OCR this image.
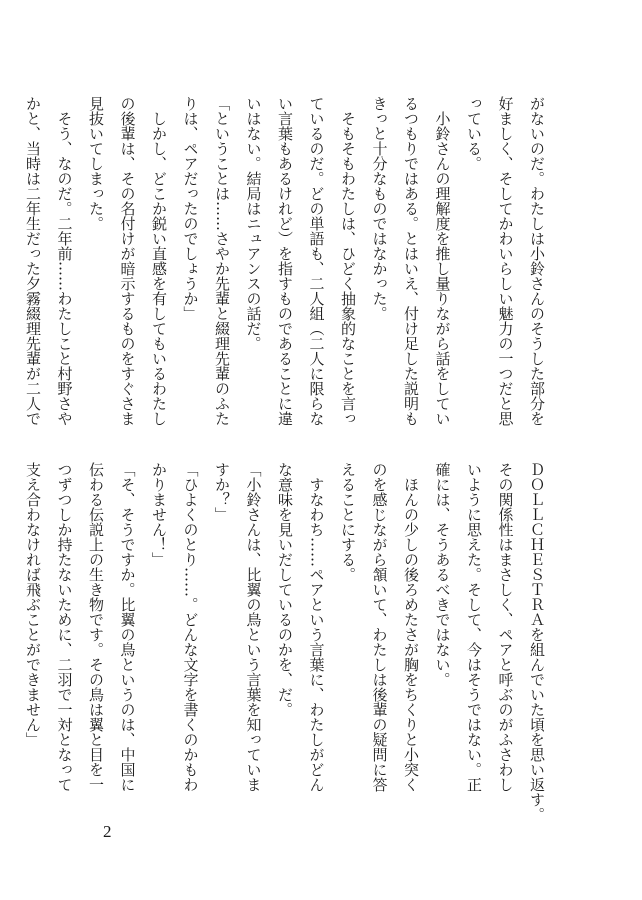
がないのだ。わたしは小鈴さんのそうした部分を
好ましく、そしてかわいらしい魅力の一つだと思
っている。
　小鈴さんの理解度を推し量りながら話をしてい
るつもりではある。とはいえ、付け足した説明も
きっと十分なものではなかった。
　そもそもわたしは、ひどく抽象的なことを言っ
ているのだ。どの単語も、二人組（二人に限らな
い言葉もあるけれど）を指すものであることに違
いはない。結局はニュアンスの話だ。
「ということは……さやか先輩と綴理先輩のふた
りは、ペアだったのでしょうか」
　しかし、どこか鋭い直感を有してもいるわたし
の後輩は、その名付けが暗示するものをすぐさま
見抜いてしまった。
　そう、なのだ。二年前……わたしこと村野さや
かと、当時は二年生だった夕霧綴理先輩が二人で
ＤＯＬＬＣＨＥＳＴＲＡを組んでいた頃を思い返す。
その関係性はまさしく、ペアと呼ぶのがふさわし
いように思えた。そして、今はそうではない。正
確には、そうあるべきではない。
　ほんの少しの後ろめたさが胸をちくりと小突く
のを感じながら頷いて、わたしは後輩の疑問に答
えることにする。
　すなわち……ペアという言葉に、わたしがどん
な意味を見いだしているのかを、だ。
「小鈴さんは、比翼の鳥という言葉を知っていま
すか？」
「ひよくのとり……。どんな文字を書くのかもわ
かりません！」
「そ、そうですか。比翼の鳥というのは、中国に
伝わる伝説上の生き物です。その鳥は翼と目を一
つずつしか持たないために、二羽で一対となって
支え合わなければ飛ぶことができません」
2
